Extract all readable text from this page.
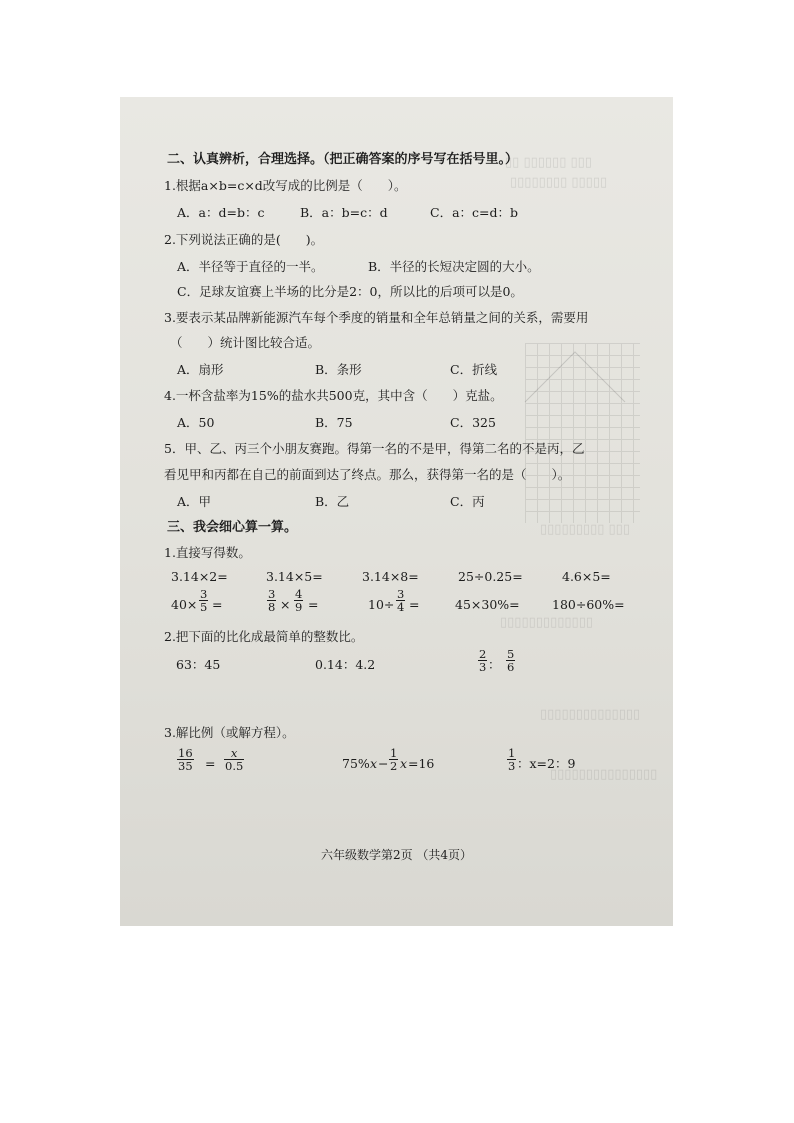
▯▯ ▯▯▯▯▯▯ ▯▯▯
▯▯▯▯▯▯▯▯ ▯▯▯▯▯
▯▯▯▯▯▯▯▯▯ ▯▯▯
▯▯▯▯▯▯▯▯▯▯▯▯▯
▯▯▯▯▯▯▯▯▯▯▯▯▯▯
▯▯▯▯▯▯▯▯▯▯▯▯▯▯▯
二、认真辨析，合理选择。（把正确答案的序号写在括号里。）
1.根据a×b=c×d改写成的比例是（　　）。
A．a：d=b：c	B．a：b=c：d	C．a：c=d：b
2.下列说法正确的是(　　)。
A．半径等于直径的一半。	B．半径的长短决定圆的大小。
C．足球友谊赛上半场的比分是2：0，所以比的后项可以是0。
3.要表示某品牌新能源汽车每个季度的销量和全年总销量之间的关系，需要用
（　　）统计图比较合适。
A．扇形	B．条形	C．折线
4.一杯含盐率为15%的盐水共500克，其中含（　　）克盐。
A．50	B．75	C．325
5．甲、乙、丙三个小朋友赛跑。得第一名的不是甲，得第二名的不是丙，乙
看见甲和丙都在自己的前面到达了终点。那么，获得第一名的是（　　）。
A．甲	B．乙	C．丙
三、我会细心算一算。
1.直接写得数。
3.14×2=	3.14×5=	3.14×8=	25÷0.25=	4.6×5=
$40\times \frac{3}{5}$ =	$\frac{3}{8} \times \frac{4}{9}$ =	$10\div \frac{3}{4}$ =	45×30%=	180÷60%=
2.把下面的比化成最简单的整数比。
63：45	0.14：4.2	$\frac{2}{3}$ ： $\frac{5}{6}$
3.解比例（或解方程）。
$\frac{16}{35} = \frac{x}{0.5}$	75% $x - \frac{1}{2}$ x =16	$\frac{1}{3}$ ：x=2：9
六年级数学第2页 （共4页）
